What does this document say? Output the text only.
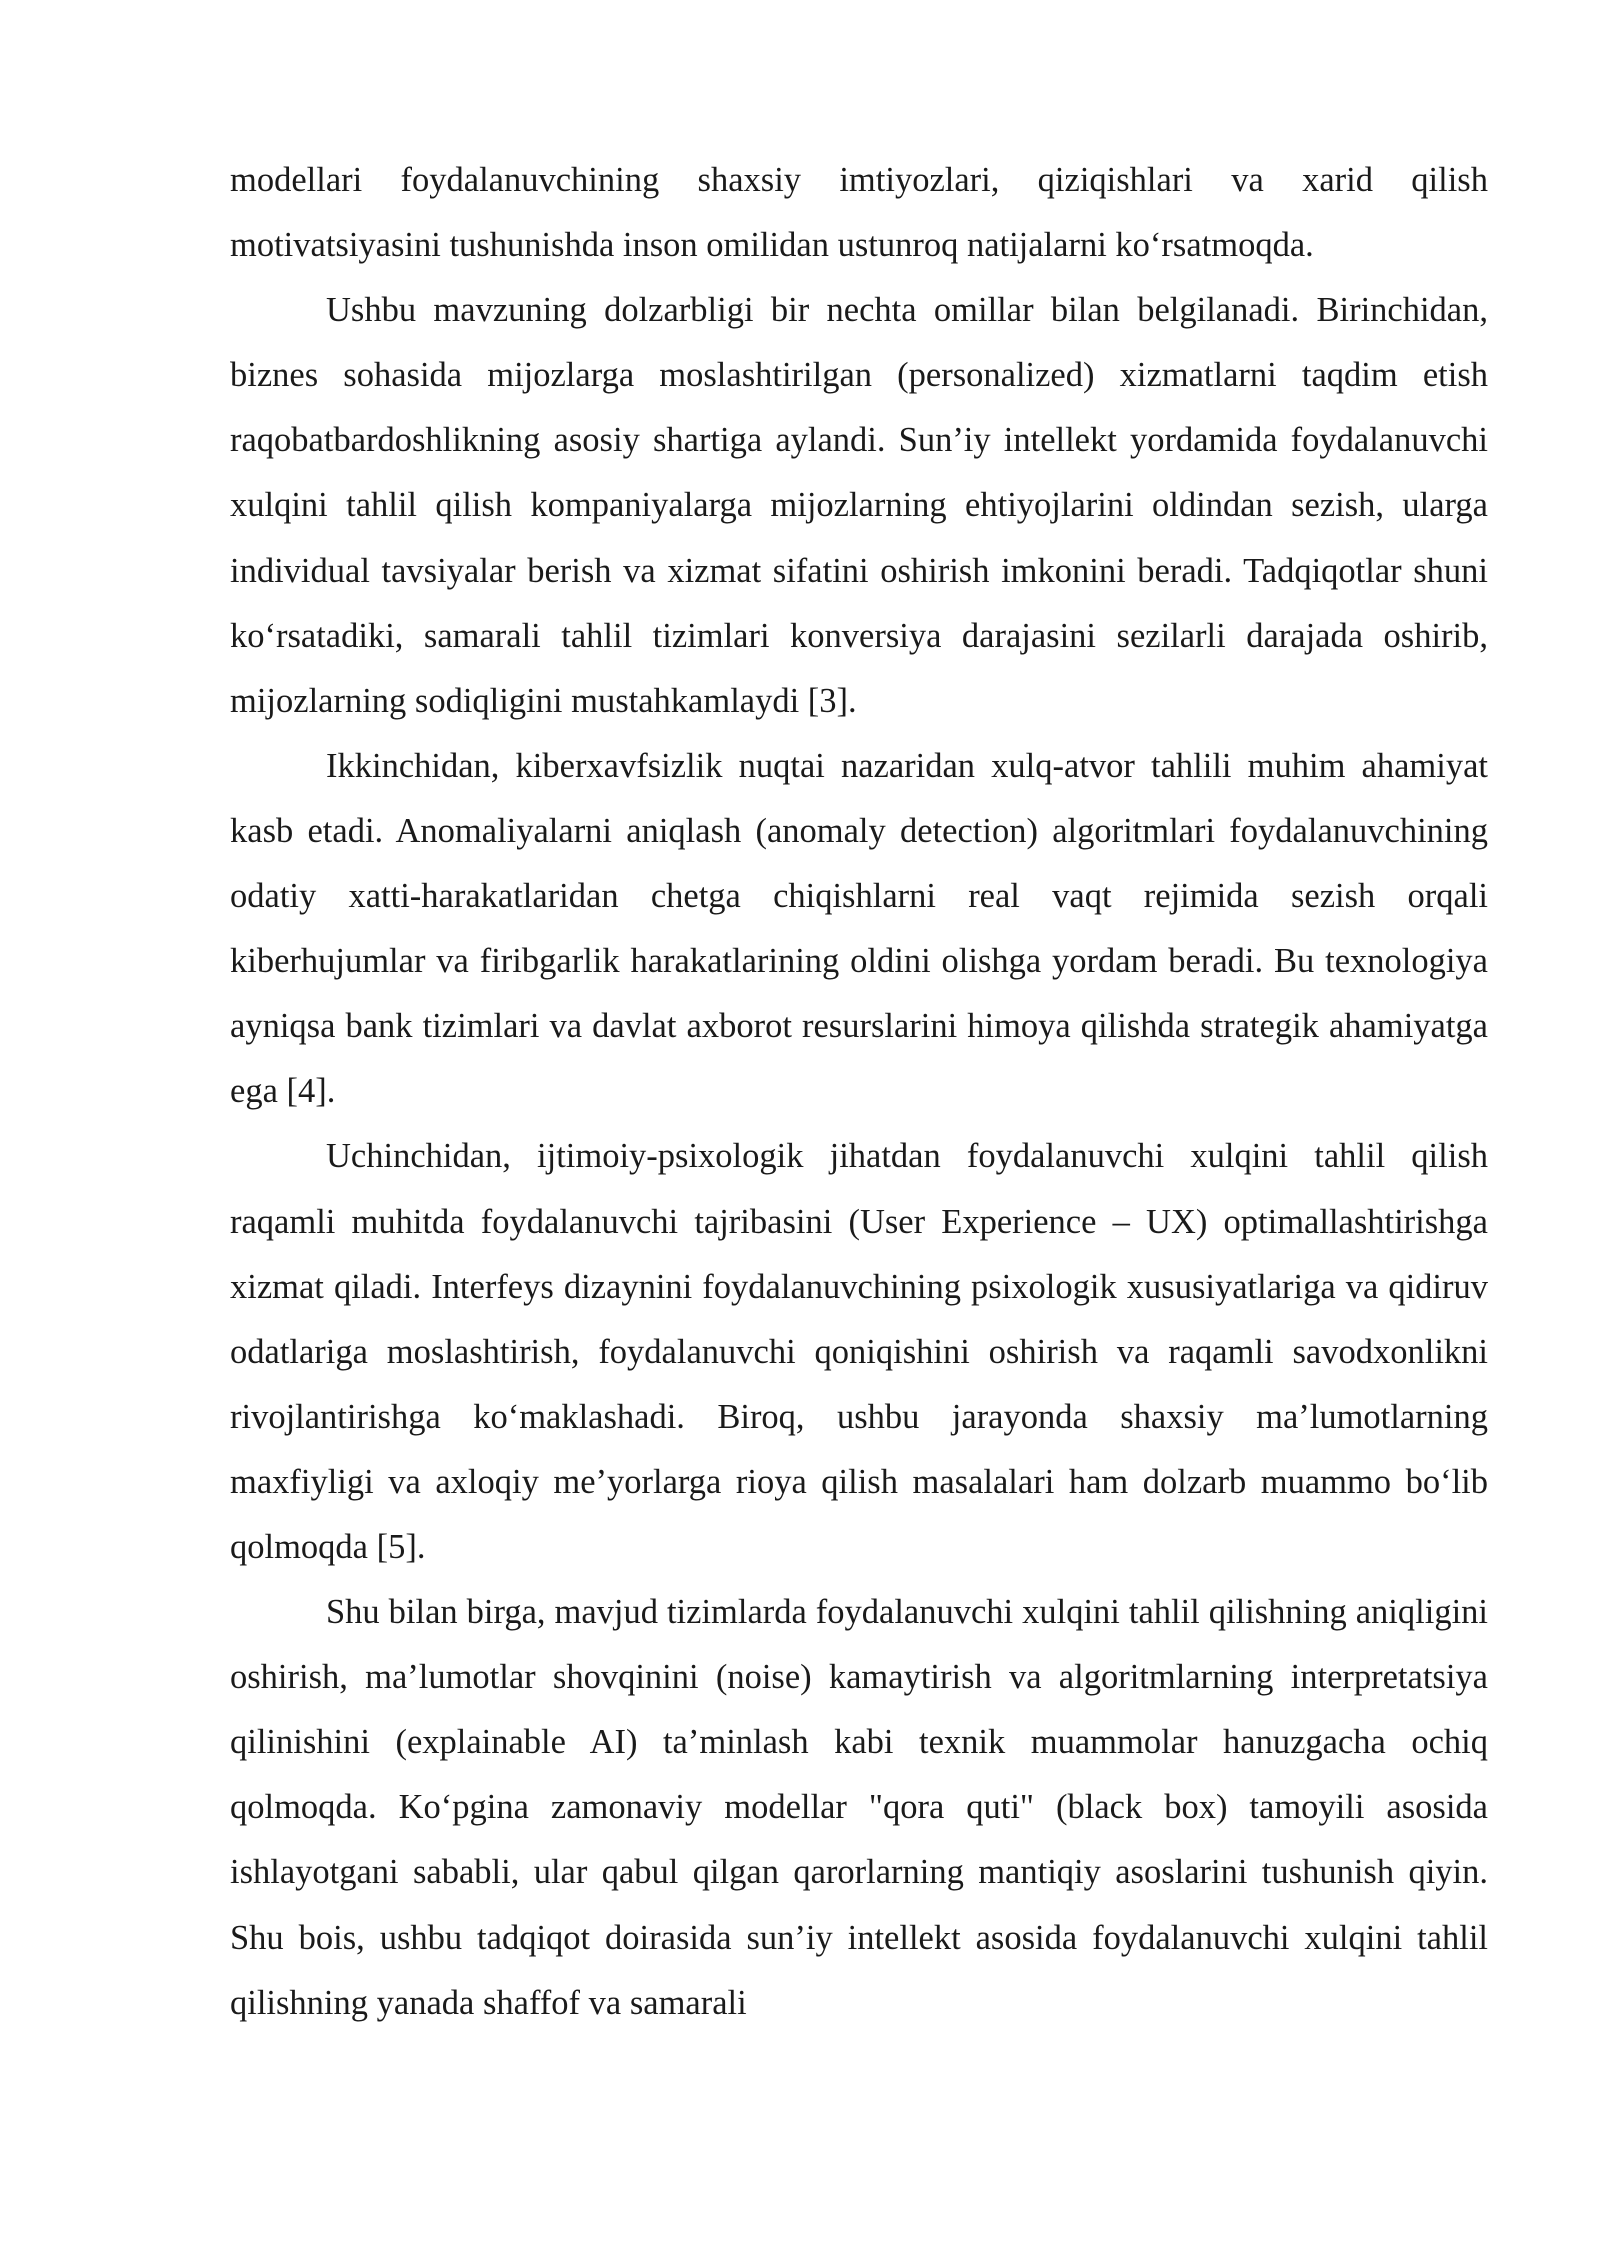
modellari foydalanuvchining shaxsiy imtiyozlari, qiziqishlari va xarid qilish motivatsiyasini tushunishda inson omilidan ustunroq natijalarni ko‘rsatmoqda.

Ushbu mavzuning dolzarbligi bir nechta omillar bilan belgilanadi. Birinchidan, biznes sohasida mijozlarga moslashtirilgan (personalized) xizmatlarni taqdim etish raqobatbardoshlikning asosiy shartiga aylandi. Sun’iy intellekt yordamida foydalanuvchi xulqini tahlil qilish kompaniyalarga mijozlarning ehtiyojlarini oldindan sezish, ularga individual tavsiyalar berish va xizmat sifatini oshirish imkonini beradi. Tadqiqotlar shuni ko‘rsatadiki, samarali tahlil tizimlari konversiya darajasini sezilarli darajada oshirib, mijozlarning sodiqligini mustahkamlaydi [3].

Ikkinchidan, kiberxavfsizlik nuqtai nazaridan xulq-atvor tahlili muhim ahamiyat kasb etadi. Anomaliyalarni aniqlash (anomaly detection) algoritmlari foydalanuvchining odatiy xatti-harakatlaridan chetga chiqishlarni real vaqt rejimida sezish orqali kiberhujumlar va firibgarlik harakatlarining oldini olishga yordam beradi. Bu texnologiya ayniqsa bank tizimlari va davlat axborot resurslarini himoya qilishda strategik ahamiyatga ega [4].

Uchinchidan, ijtimoiy-psixologik jihatdan foydalanuvchi xulqini tahlil qilish raqamli muhitda foydalanuvchi tajribasini (User Experience – UX) optimallashtirishga xizmat qiladi. Interfeys dizaynini foydalanuvchining psixologik xususiyatlariga va qidiruv odatlariga moslashtirish, foydalanuvchi qoniqishini oshirish va raqamli savodxonlikni rivojlantirishga ko‘maklashadi. Biroq, ushbu jarayonda shaxsiy ma’lumotlarning maxfiyligi va axloqiy me’yorlarga rioya qilish masalalari ham dolzarb muammo bo‘lib qolmoqda [5].

Shu bilan birga, mavjud tizimlarda foydalanuvchi xulqini tahlil qilishning aniqligini oshirish, ma’lumotlar shovqinini (noise) kamaytirish va algoritmlarning interpretatsiya qilinishini (explainable AI) ta’minlash kabi texnik muammolar hanuzgacha ochiq qolmoqda. Ko‘pgina zamonaviy modellar "qora quti" (black box) tamoyili asosida ishlayotgani sababli, ular qabul qilgan qarorlarning mantiqiy asoslarini tushunish qiyin. Shu bois, ushbu tadqiqot doirasida sun’iy intellekt asosida foydalanuvchi xulqini tahlil qilishning yanada shaffof va samarali
